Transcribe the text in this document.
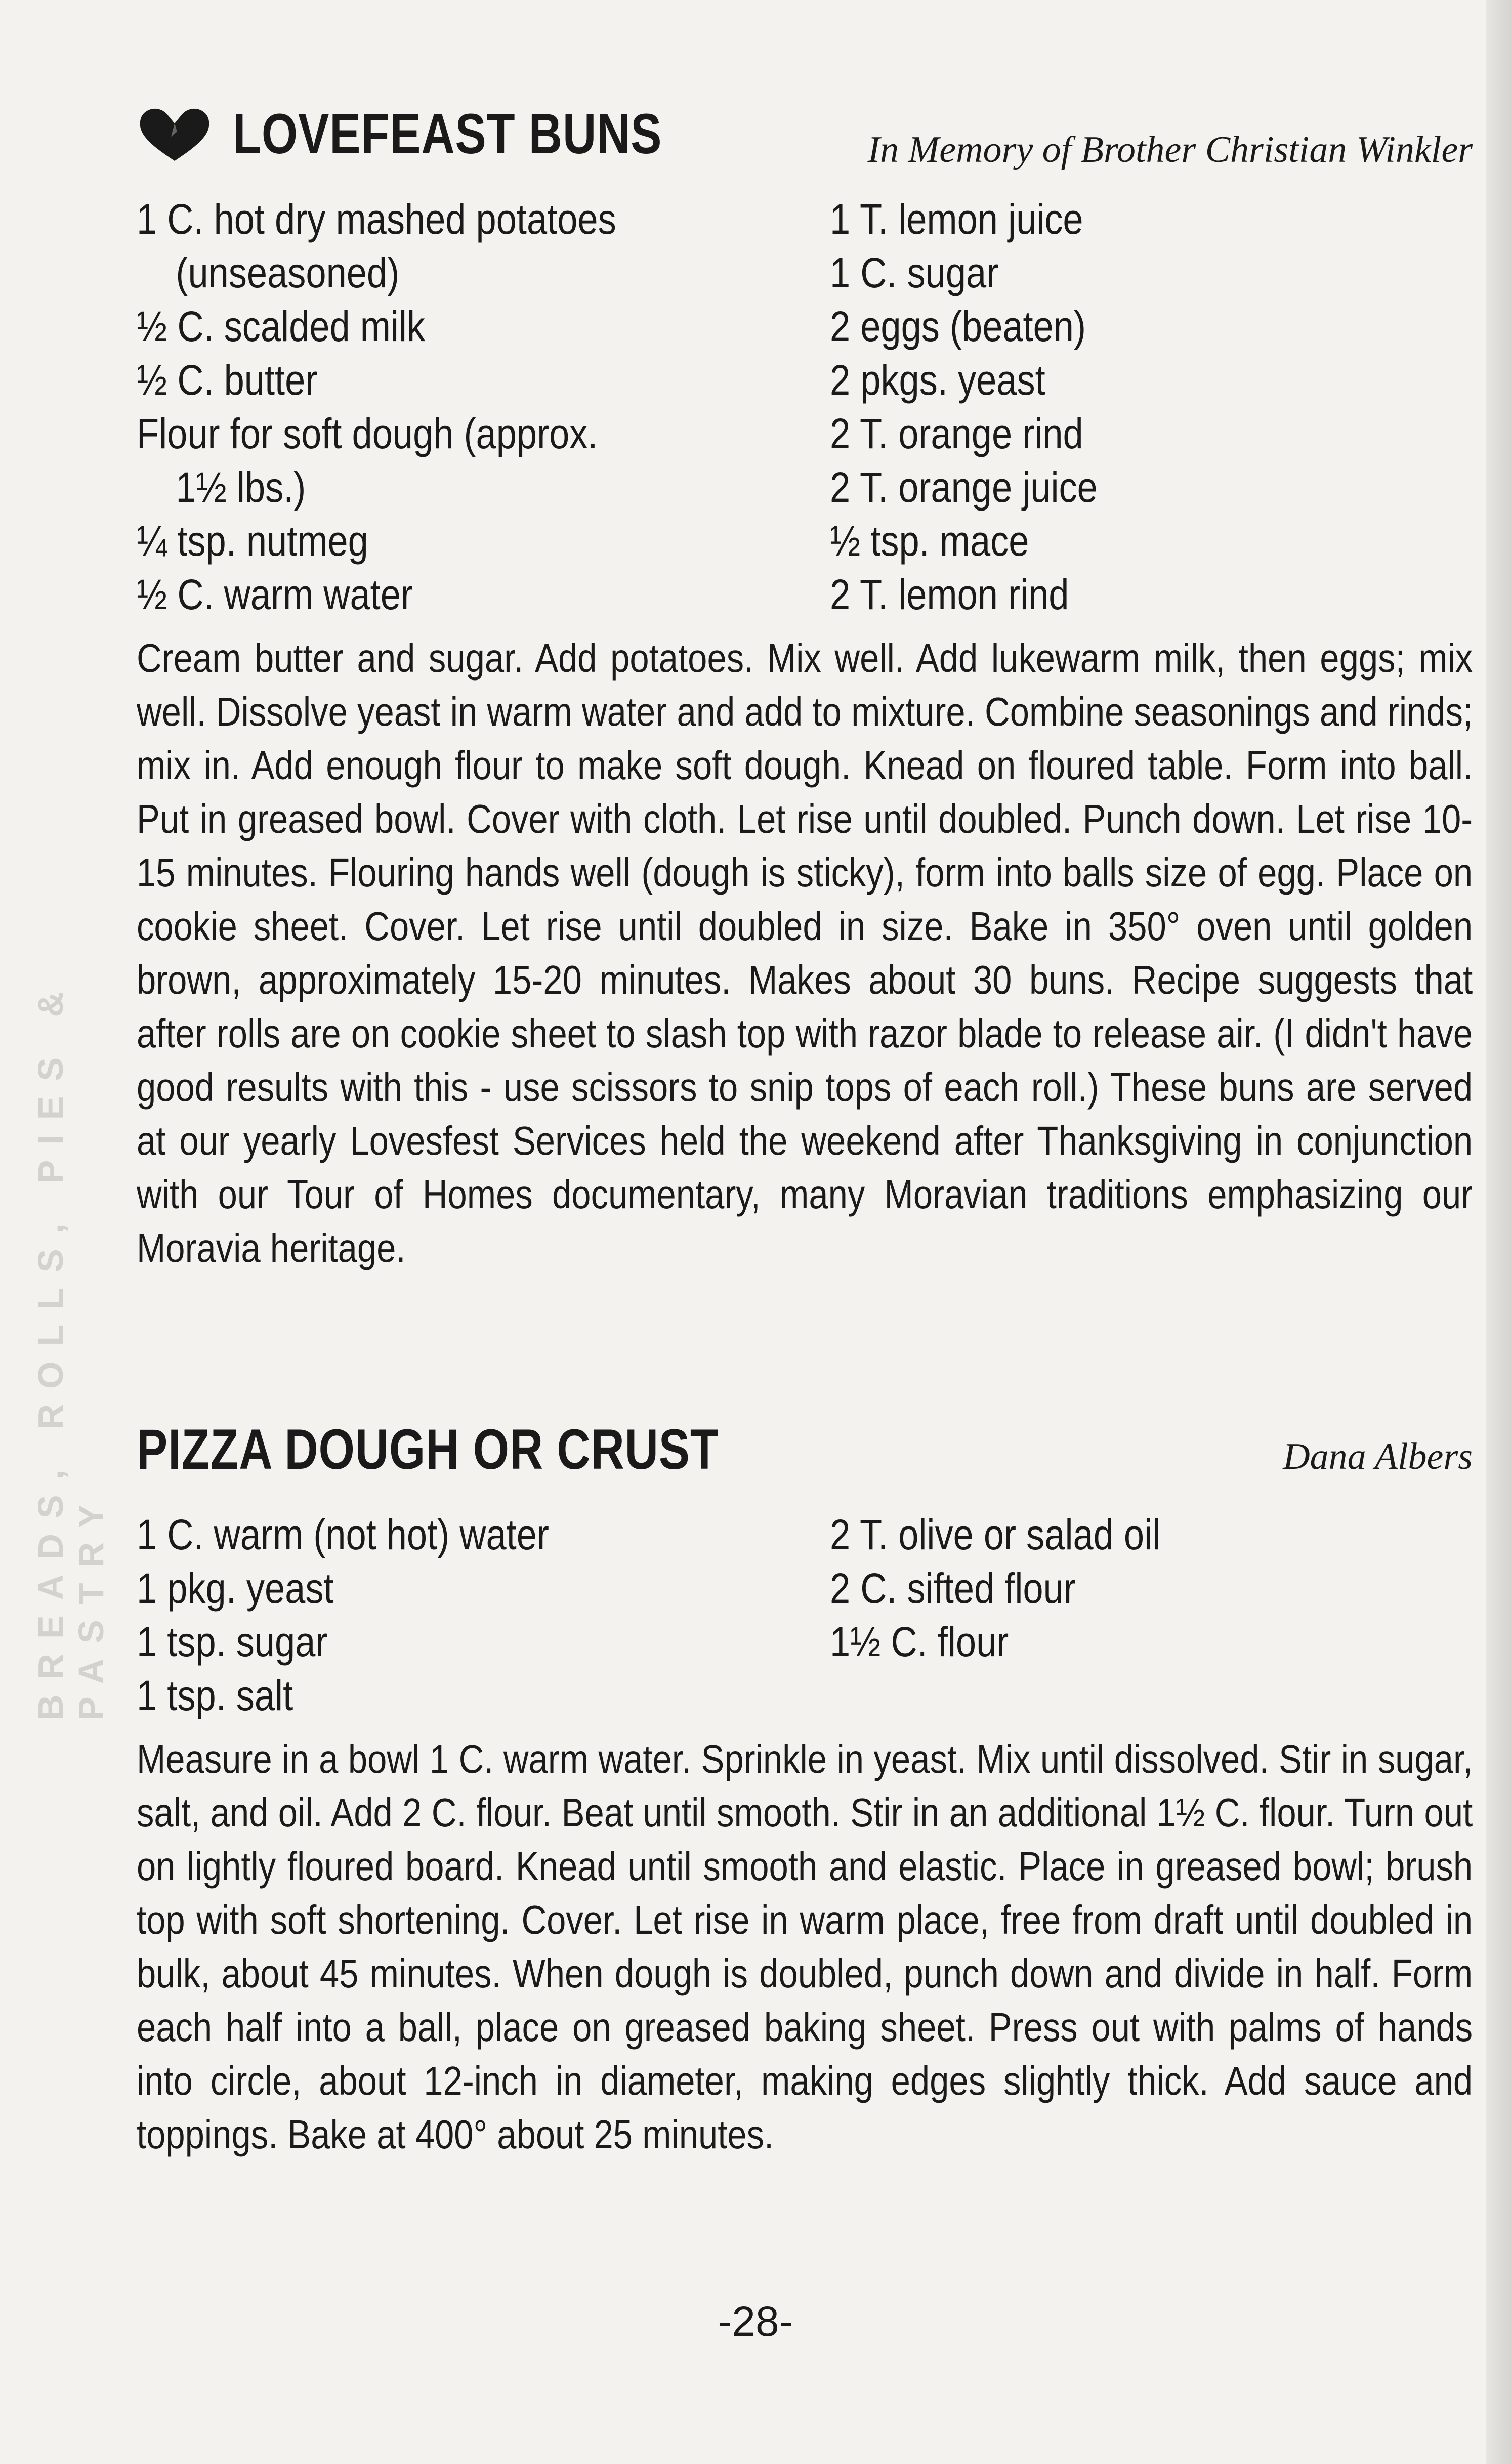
BREADS, ROLLS, PIES & PASTRY
LOVEFEAST BUNS	In Memory of Brother Christian Winkler
1 C. hot dry mashed potatoes
(unseasoned)
½ C. scalded milk
½ C. butter
Flour for soft dough (approx.
1½ lbs.)
¼ tsp. nutmeg
½ C. warm water
1 T. lemon juice
1 C. sugar
2 eggs (beaten)
2 pkgs. yeast
2 T. orange rind
2 T. orange juice
½ tsp. mace
2 T. lemon rind

Cream butter and sugar. Add potatoes. Mix well. Add lukewarm milk, then eggs; mix well. Dissolve yeast in warm water and add to mixture. Combine seasonings and rinds; mix in. Add enough flour to make soft dough. Knead on floured table. Form into ball. Put in greased bowl. Cover with cloth. Let rise until doubled. Punch down. Let rise 10-15 minutes. Flouring hands well (dough is sticky), form into balls size of egg. Place on cookie sheet. Cover. Let rise until doubled in size. Bake in 350° oven until golden brown, approximately 15-20 minutes. Makes about 30 buns. Recipe suggests that after rolls are on cookie sheet to slash top with razor blade to release air. (I didn't have good results with this - use scissors to snip tops of each roll.) These buns are served at our yearly Lovesfest Services held the weekend after Thanksgiving in conjunction with our Tour of Homes documentary, many Moravian traditions emphasizing our Moravia heritage.

PIZZA DOUGH OR CRUST	Dana Albers
1 C. warm (not hot) water
1 pkg. yeast
1 tsp. sugar
1 tsp. salt
2 T. olive or salad oil
2 C. sifted flour
1½ C. flour

Measure in a bowl 1 C. warm water. Sprinkle in yeast. Mix until dissolved. Stir in sugar, salt, and oil. Add 2 C. flour. Beat until smooth. Stir in an additional 1½ C. flour. Turn out on lightly floured board. Knead until smooth and elastic. Place in greased bowl; brush top with soft shortening. Cover. Let rise in warm place, free from draft until doubled in bulk, about 45 minutes. When dough is doubled, punch down and divide in half. Form each half into a ball, place on greased baking sheet. Press out with palms of hands into circle, about 12-inch in diameter, making edges slightly thick. Add sauce and toppings. Bake at 400° about 25 minutes.

-28-
